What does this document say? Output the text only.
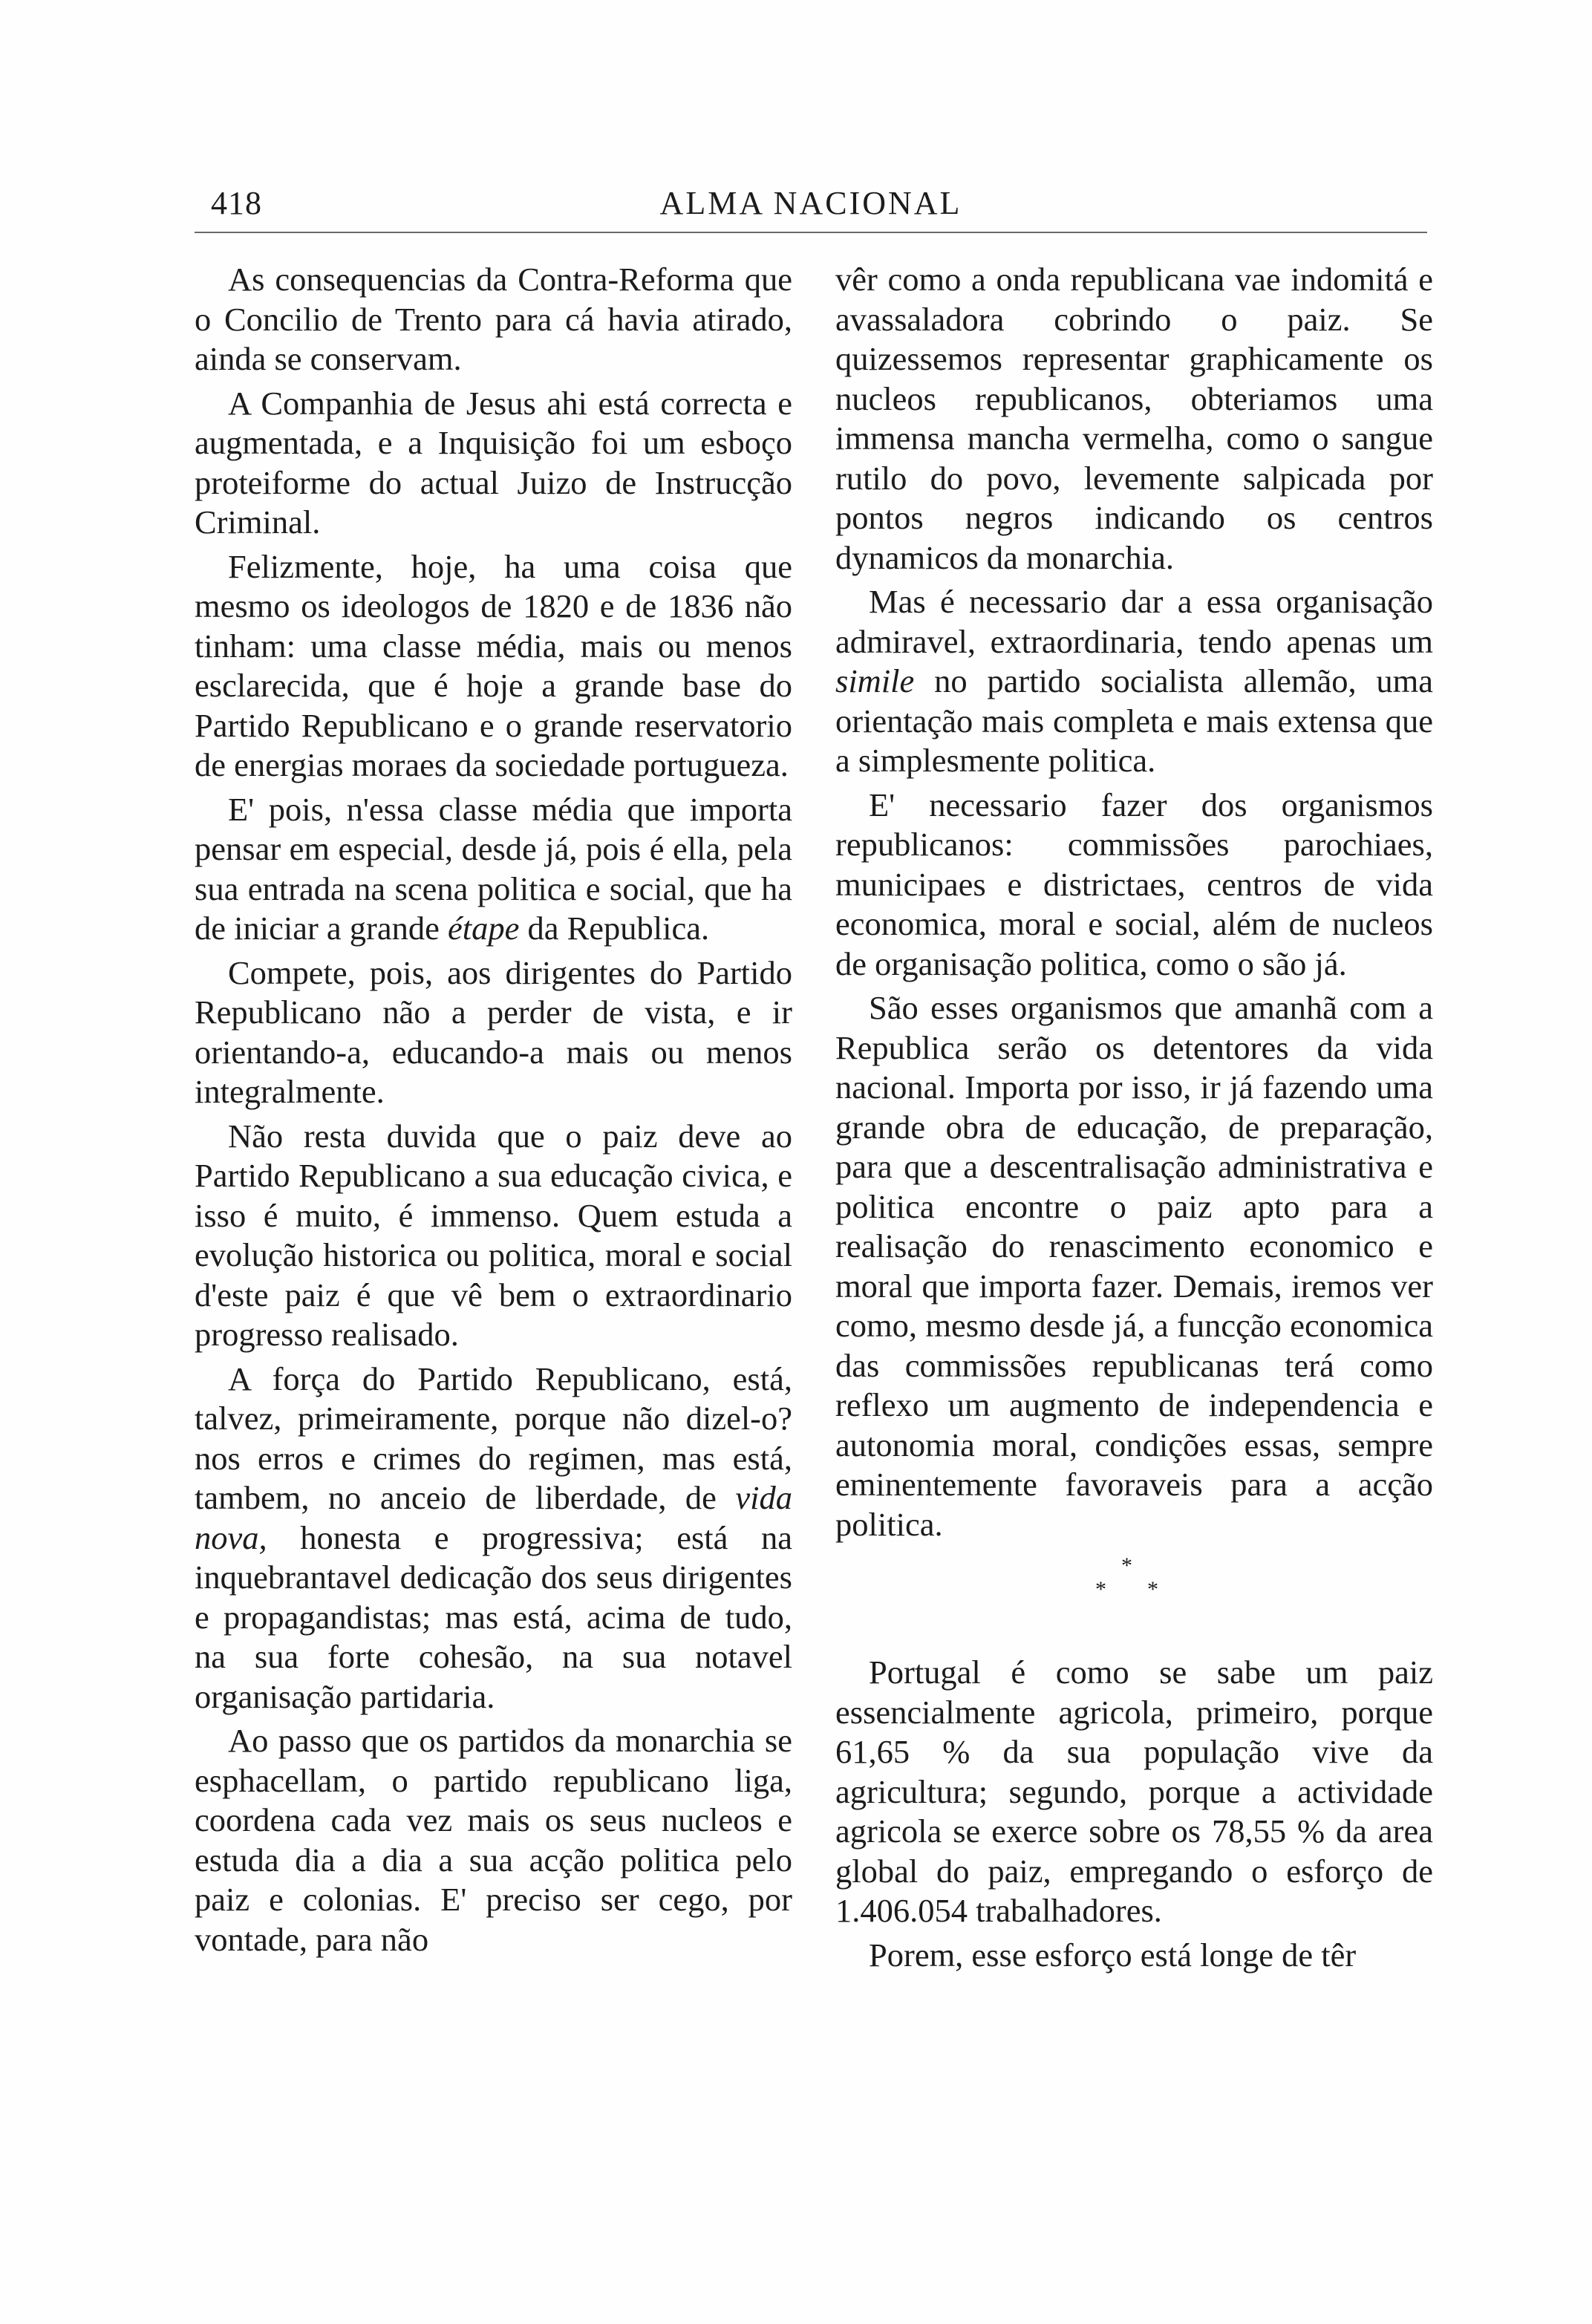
418	ALMA NACIONAL

As consequencias da Contra-Reforma que o Concilio de Trento para cá havia atirado, ainda se conservam.

A Companhia de Jesus ahi está correcta e augmentada, e a Inquisição foi um esboço proteiforme do actual Juizo de Instrucção Criminal.

Felizmente, hoje, ha uma coisa que mesmo os ideologos de 1820 e de 1836 não tinham: uma classe média, mais ou menos esclarecida, que é hoje a grande base do Partido Republicano e o grande reservatorio de energias moraes da sociedade portugueza.

E' pois, n'essa classe média que importa pensar em especial, desde já, pois é ella, pela sua entrada na scena politica e social, que ha de iniciar a grande étape da Republica.

Compete, pois, aos dirigentes do Partido Republicano não a perder de vista, e ir orientando-a, educando-a mais ou menos integralmente.

Não resta duvida que o paiz deve ao Partido Republicano a sua educação civica, e isso é muito, é immenso. Quem estuda a evolução historica ou politica, moral e social d'este paiz é que vê bem o extraordinario progresso realisado.

A força do Partido Republicano, está, talvez, primeiramente, porque não dizel-o? nos erros e crimes do regimen, mas está, tambem, no anceio de liberdade, de vida nova, honesta e progressiva; está na inquebrantavel dedicação dos seus dirigentes e propagandistas; mas está, acima de tudo, na sua forte cohesão, na sua notavel organisação partidaria.

Ao passo que os partidos da monarchia se esphacellam, o partido republicano liga, coordena cada vez mais os seus nucleos e estuda dia a dia a sua acção politica pelo paiz e colonias. E' preciso ser cego, por vontade, para não

vêr como a onda republicana vae indomitá e avassaladora cobrindo o paiz. Se quizessemos representar graphicamente os nucleos republicanos, obteriamos uma immensa mancha vermelha, como o sangue rutilo do povo, levemente salpicada por pontos negros indicando os centros dynamicos da monarchia.

Mas é necessario dar a essa organisação admiravel, extraordinaria, tendo apenas um simile no partido socialista allemão, uma orientação mais completa e mais extensa que a simplesmente politica.

E' necessario fazer dos organismos republicanos: commissões parochiaes, municipaes e districtaes, centros de vida economica, moral e social, além de nucleos de organisação politica, como o são já.

São esses organismos que amanhã com a Republica serão os detentores da vida nacional. Importa por isso, ir já fazendo uma grande obra de educação, de preparação, para que a descentralisação administrativa e politica encontre o paiz apto para a realisação do renascimento economico e moral que importa fazer. Demais, iremos ver como, mesmo desde já, a funcção economica das commissões republicanas terá como reflexo um augmento de independencia e autonomia moral, condições essas, sempre eminentemente favoraveis para a acção politica.

*
* *

Portugal é como se sabe um paiz essencialmente agricola, primeiro, porque 61,65 % da sua população vive da agricultura; segundo, porque a actividade agricola se exerce sobre os 78,55 % da area global do paiz, empregando o esforço de 1.406.054 trabalhadores.

Porem, esse esforço está longe de têr
